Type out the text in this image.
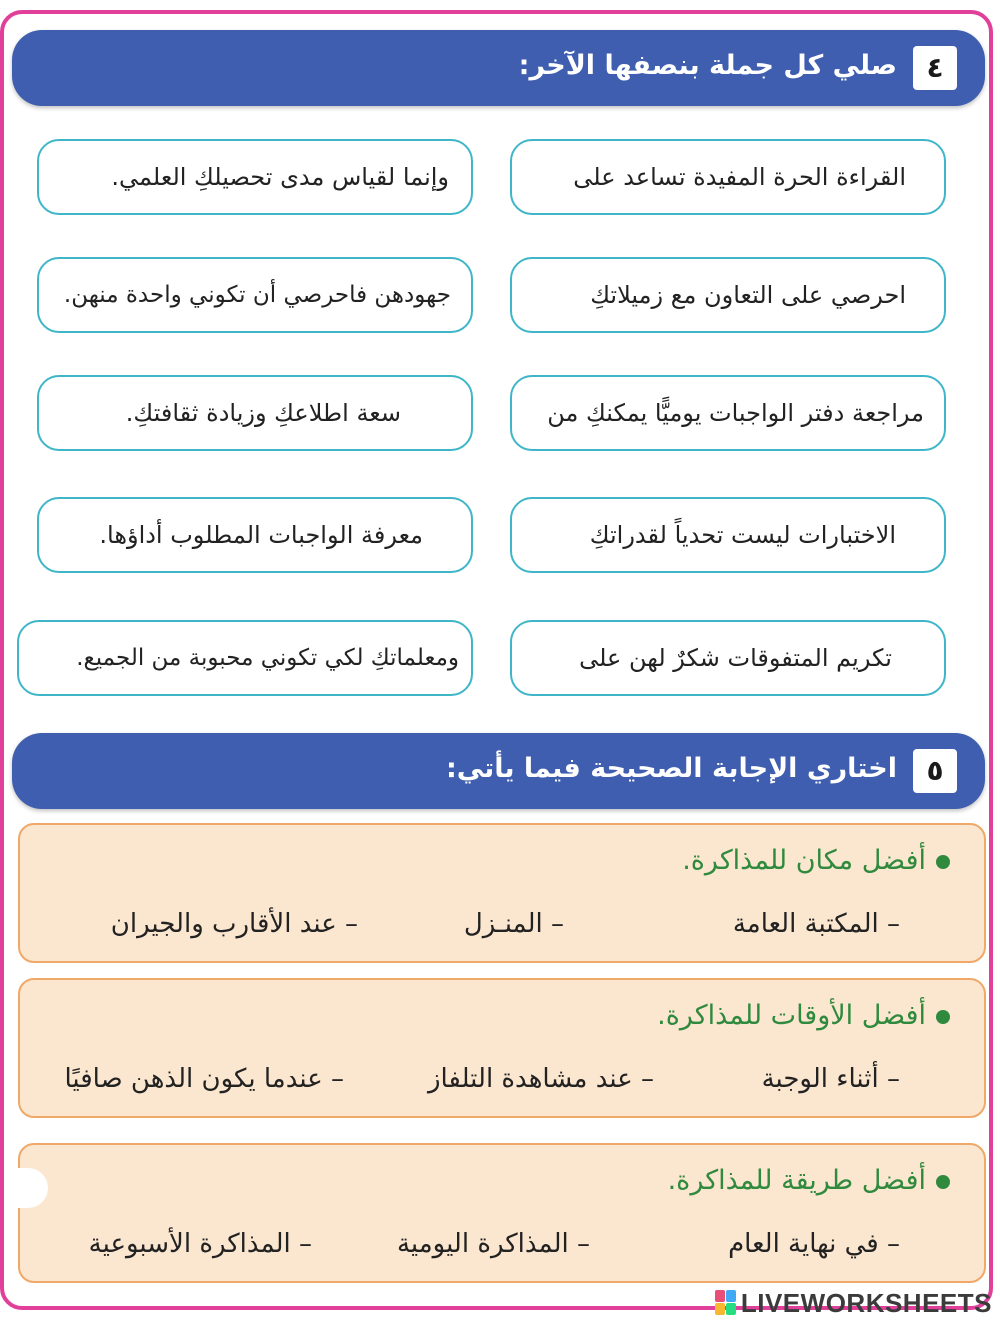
٤
صلي كل جملة بنصفها الآخر:
القراءة الحرة المفيدة تساعد على
احرصي على التعاون مع زميلاتكِ
مراجعة دفتر الواجبات يوميًّا يمكنكِ من
الاختبارات ليست تحدياً لقدراتكِ
تكريم المتفوقات شكرٌ لهن على
وإنما لقياس مدى تحصيلكِ العلمي.
جهودهن فاحرصي أن تكوني واحدة منهن.
سعة اطلاعكِ وزيادة ثقافتكِ.
معرفة الواجبات المطلوب أداؤها.
ومعلماتكِ لكي تكوني محبوبة من الجميع.
٥
اختاري الإجابة الصحيحة فيما يأتي:
أفضل مكان للمذاكرة.
– المكتبة العامة
– المنـزل
– عند الأقارب والجيران
أفضل الأوقات للمذاكرة.
– أثناء الوجبة
– عند مشاهدة التلفاز
– عندما يكون الذهن صافيًا
أفضل طريقة للمذاكرة.
– في نهاية العام
– المذاكرة اليومية
– المذاكرة الأسبوعية
LIVEWORKSHEETS
